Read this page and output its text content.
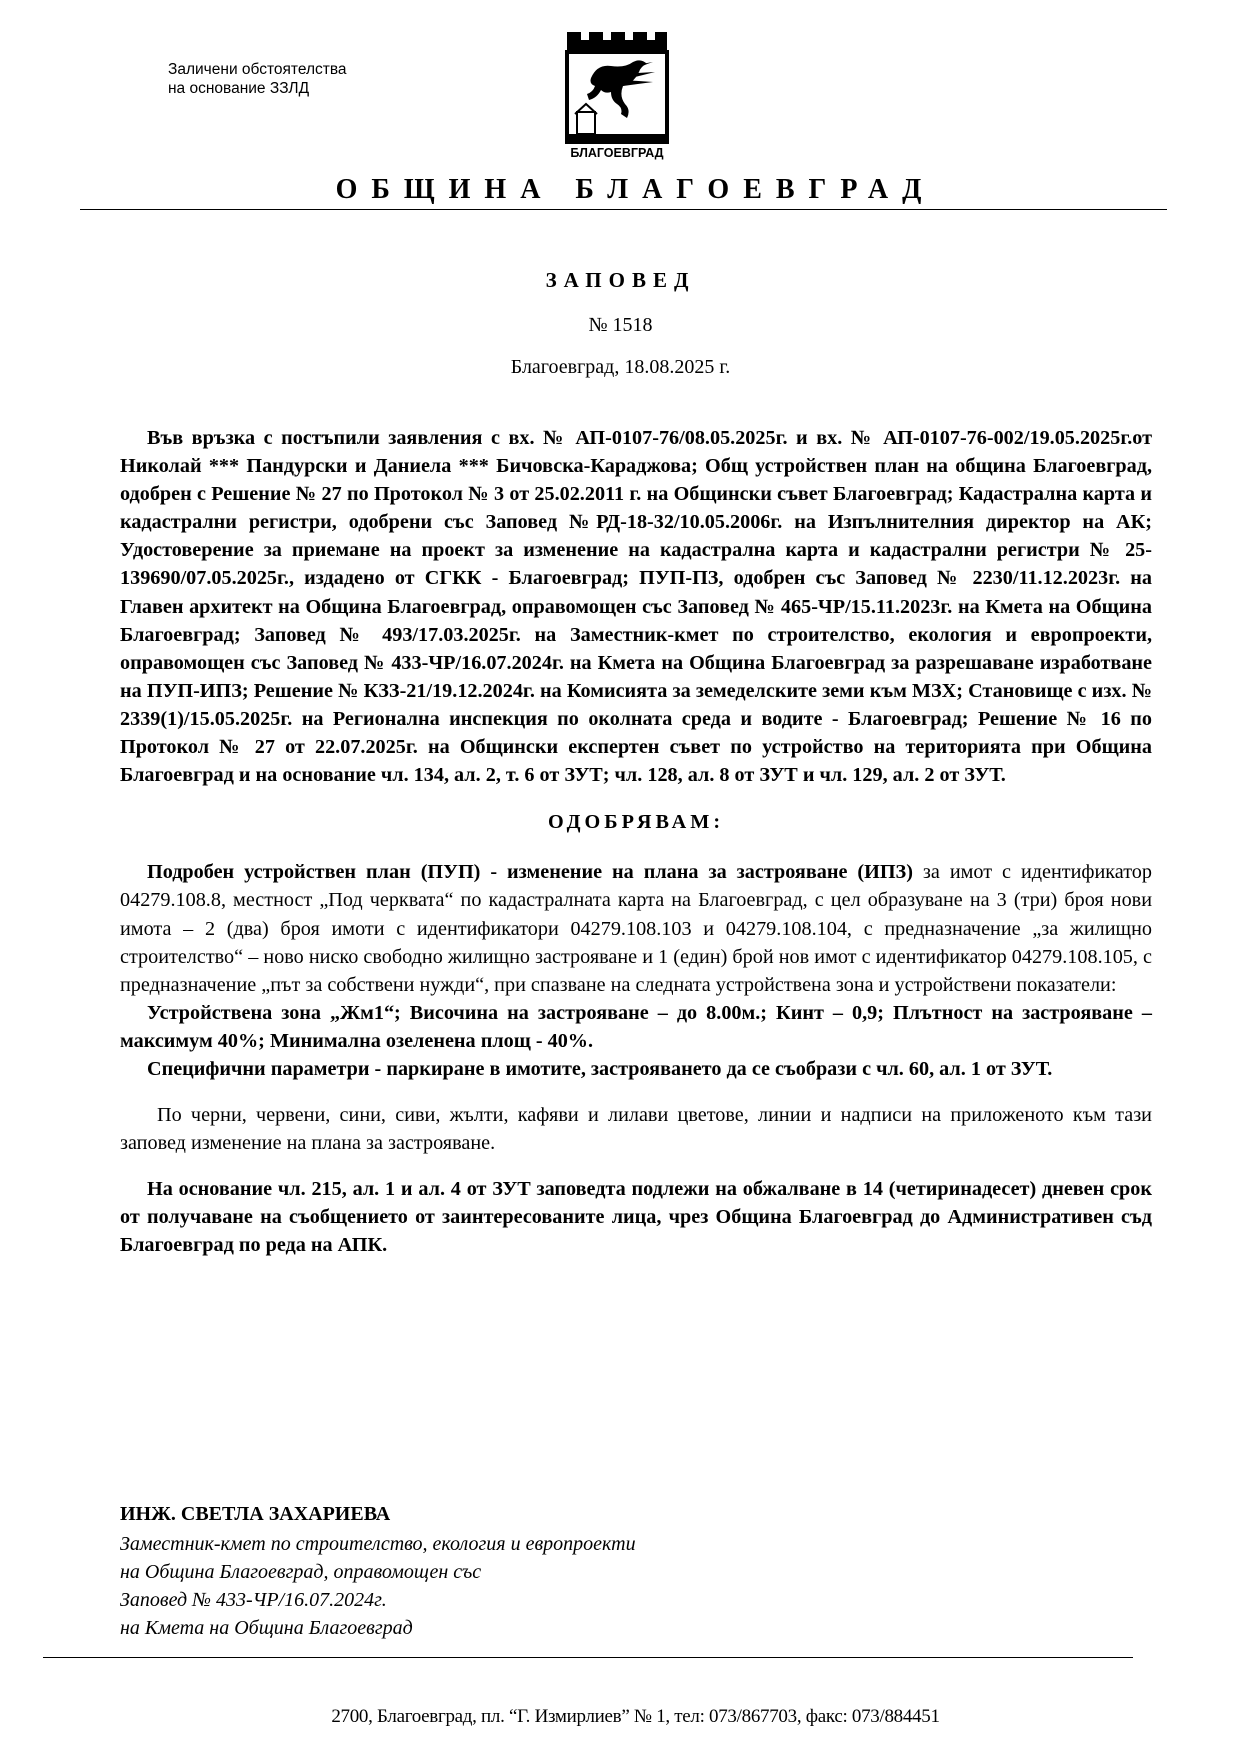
Заличени обстоятелства
на основание ЗЗЛД
БЛАГОЕВГРАД
ОБЩИНА БЛАГОЕВГРАД
ЗАПОВЕД
№ 1518
Благоевград, 18.08.2025 г.

Във връзка с постъпили заявления с вх. № АП-0107-76/08.05.2025г. и вх. № АП-0107-76-002/19.05.2025г.от Николай *** Пандурски и Даниела *** Бичовска-Караджова; Общ устройствен план на община Благоевград, одобрен с Решение № 27 по Протокол № 3 от 25.02.2011 г. на Общински съвет Благоевград; Кадастрална карта и кадастрални регистри, одобрени със Заповед №РД-18-32/10.05.2006г. на Изпълнителния директор на АК; Удостоверение за приемане на проект за изменение на кадастрална карта и кадастрални регистри № 25-139690/07.05.2025г., издадено от СГКК - Благоевград; ПУП-ПЗ, одобрен със Заповед № 2230/11.12.2023г. на Главен архитект на Община Благоевград, оправомощен със Заповед № 465-ЧР/15.11.2023г. на Кмета на Община Благоевград; Заповед № 493/17.03.2025г. на Заместник-кмет по строителство, екология и европроекти, оправомощен със Заповед № 433-ЧР/16.07.2024г. на Кмета на Община Благоевград за разрешаване изработване на ПУП-ИПЗ; Решение № КЗЗ-21/19.12.2024г. на Комисията за земеделските земи към МЗХ; Становище с изх. № 2339(1)/15.05.2025г. на Регионална инспекция по околната среда и водите - Благоевград; Решение № 16 по Протокол № 27 от 22.07.2025г. на Общински експертен съвет по устройство на територията при Община Благоевград и на основание чл. 134, ал. 2, т. 6 от ЗУТ; чл. 128, ал. 8 от ЗУТ и чл. 129, ал. 2 от ЗУТ.

ОДОБРЯВАМ:

Подробен устройствен план (ПУП) - изменение на плана за застрояване (ИПЗ) за имот с идентификатор 04279.108.8, местност „Под черквата“ по кадастралната карта на Благоевград, с цел образуване на 3 (три) броя нови имота – 2 (два) броя имоти с идентификатори 04279.108.103 и 04279.108.104, с предназначение „за жилищно строителство“ – ново ниско свободно жилищно застрояване и 1 (един) брой нов имот с идентификатор 04279.108.105, с предназначение „път за собствени нужди“, при спазване на следната устройствена зона и устройствени показатели:

Устройствена зона „Жм1“; Височина на застрояване – до 8.00м.; Кинт – 0,9; Плътност на застрояване – максимум 40%; Минимална озеленена площ - 40%.

Специфични параметри - паркиране в имотите, застрояването да се съобрази с чл. 60, ал. 1 от ЗУТ.

По черни, червени, сини, сиви, жълти, кафяви и лилави цветове, линии и надписи на приложеното към тази заповед изменение на плана за застрояване.

На основание чл. 215, ал. 1 и ал. 4 от ЗУТ заповедта подлежи на обжалване в 14 (четиринадесет) дневен срок от получаване на съобщението от заинтересованите лица, чрез Община Благоевград до Административен съд Благоевград по реда на АПК.

ИНЖ. СВЕТЛА ЗАХАРИЕВА
Заместник-кмет по строителство, екология и европроекти
на Община Благоевград, оправомощен със
Заповед № 433-ЧР/16.07.2024г.
на Кмета на Община Благоевград
2700, Благоевград, пл. “Г. Измирлиев” № 1, тел: 073/867703, факс: 073/884451
